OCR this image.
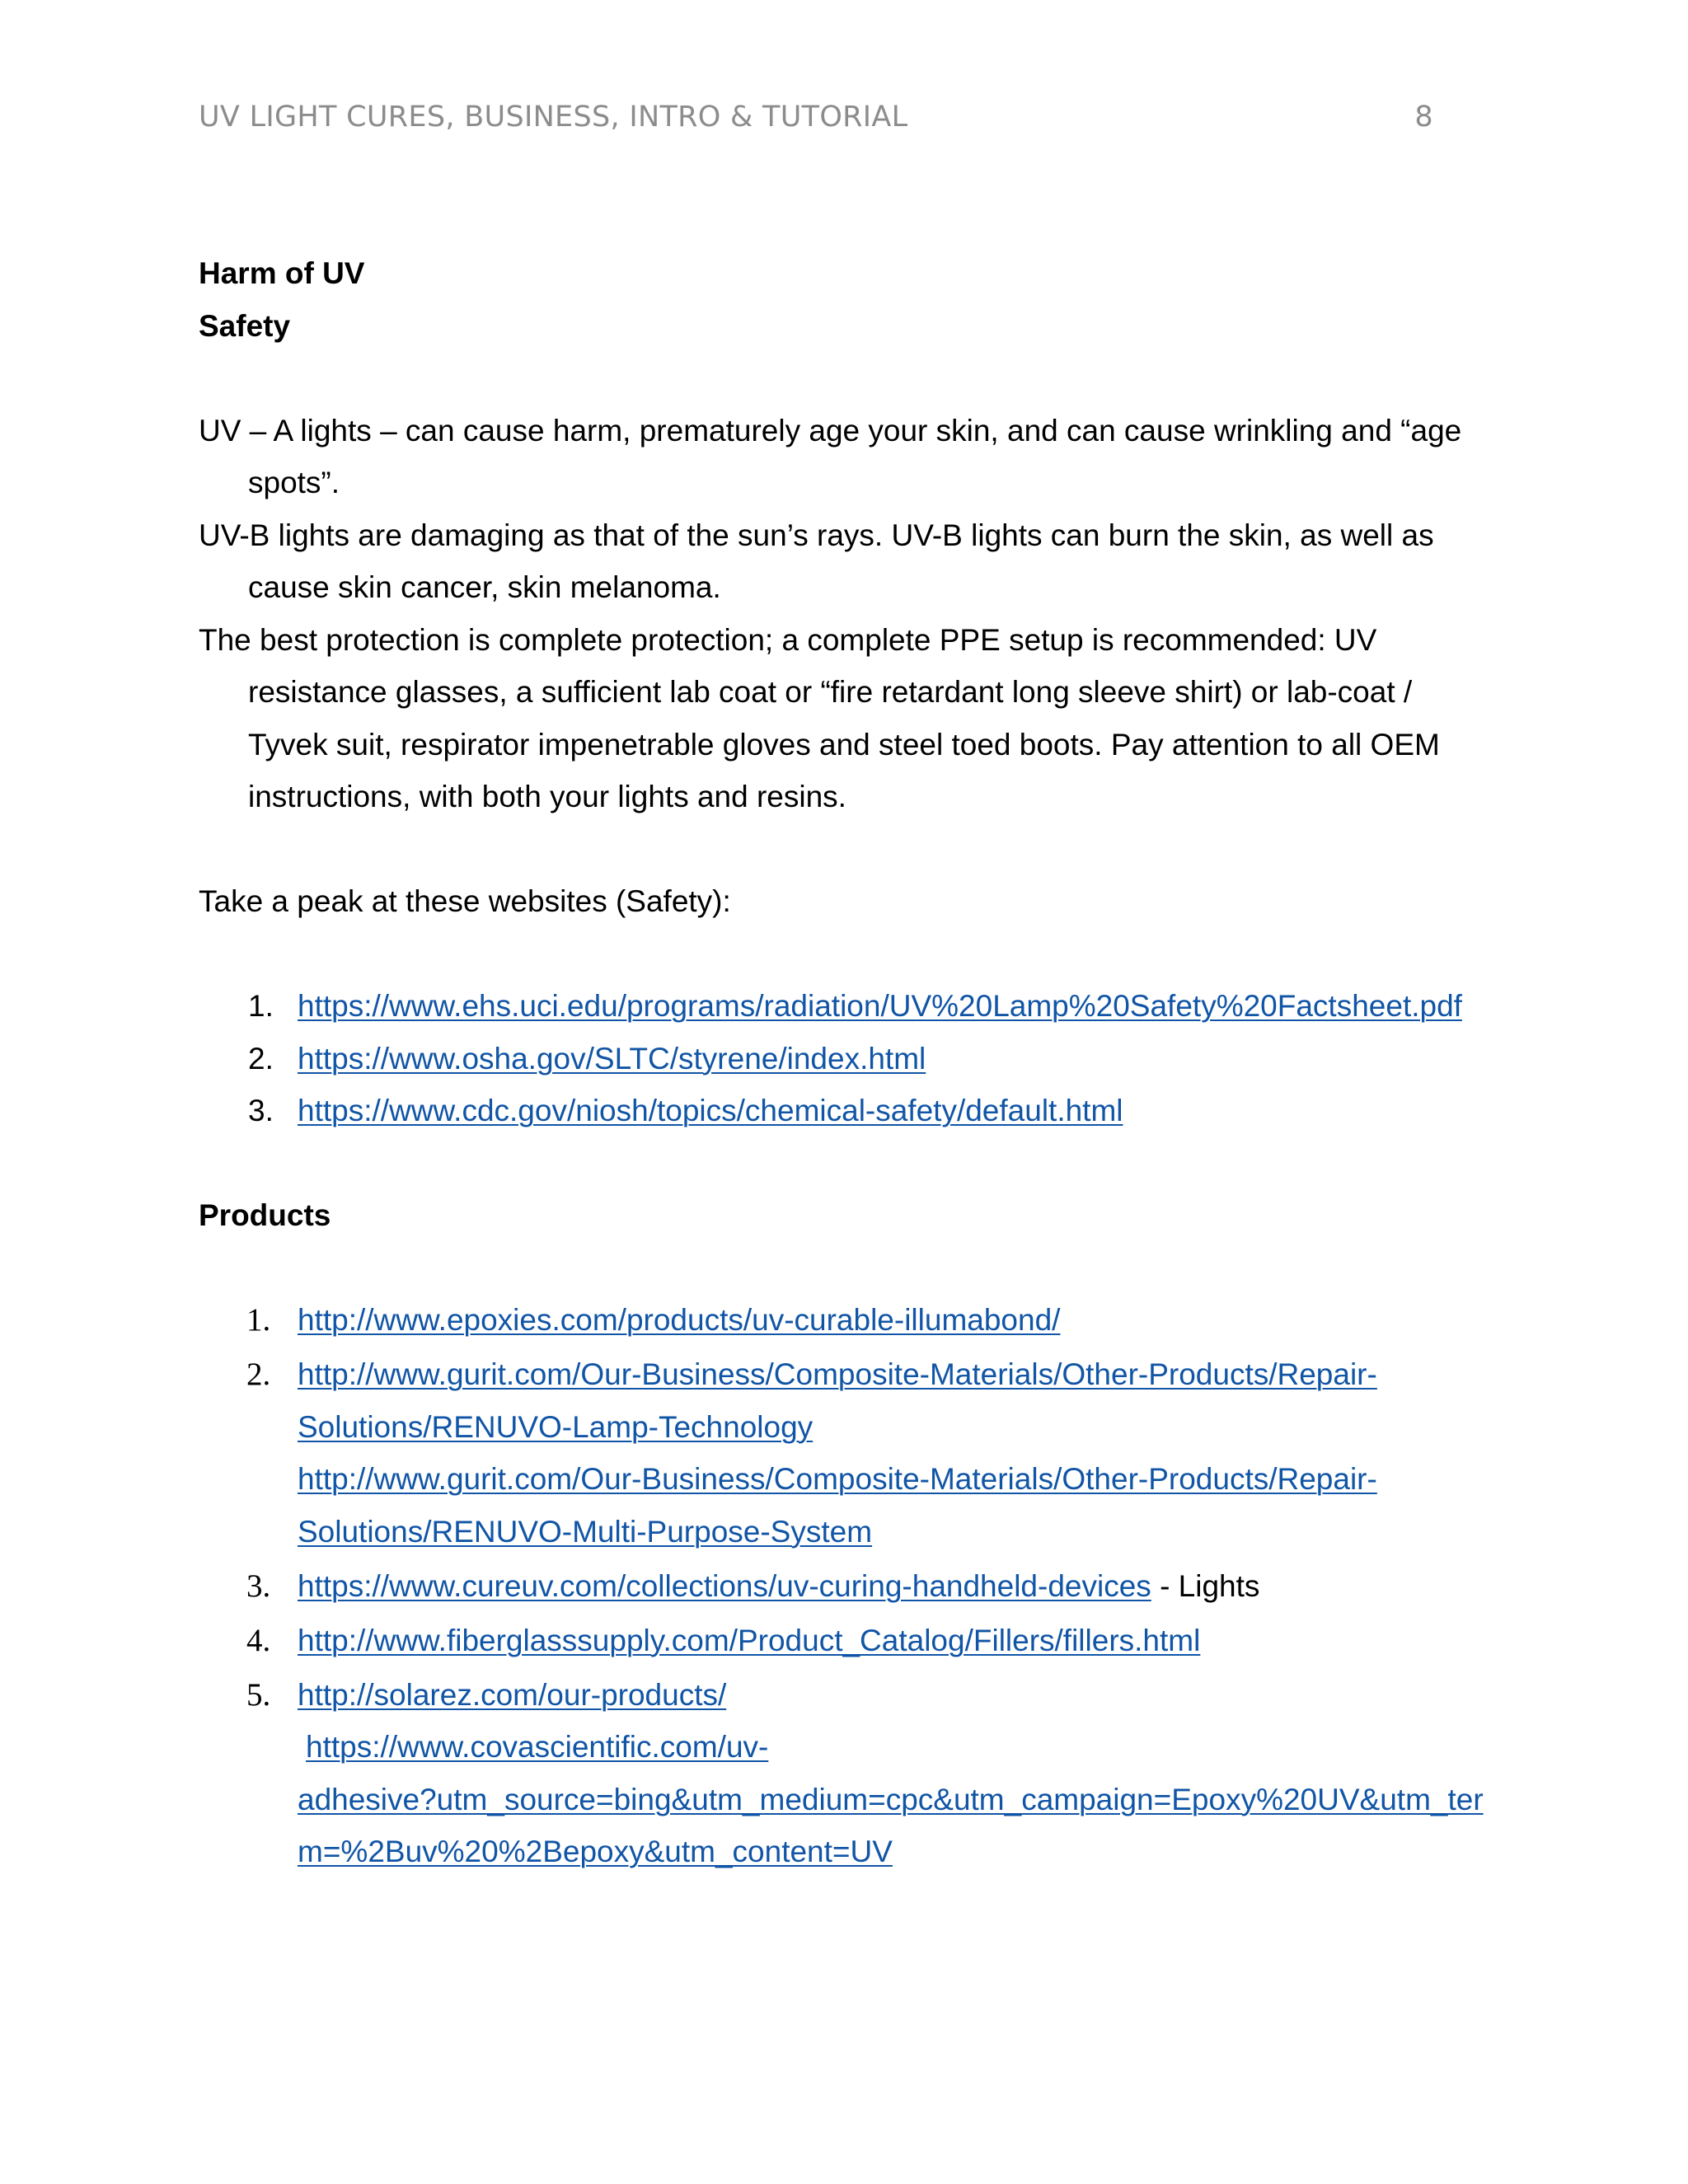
UV LIGHT CURES, BUSINESS, INTRO & TUTORIAL	8

Harm of UV

Safety

UV – A lights – can cause harm, prematurely age your skin, and can cause wrinkling and “age spots”.

UV-B lights are damaging as that of the sun’s rays. UV-B lights can burn the skin, as well as cause skin cancer, skin melanoma.

The best protection is complete protection; a complete PPE setup is recommended: UV resistance glasses, a sufficient lab coat or “fire retardant long sleeve shirt) or lab-coat / Tyvek suit, respirator impenetrable gloves and steel toed boots. Pay attention to all OEM instructions, with both your lights and resins.

Take a peak at these websites (Safety):

1. https://www.ehs.uci.edu/programs/radiation/UV%20Lamp%20Safety%20Factsheet.pdf
2. https://www.osha.gov/SLTC/styrene/index.html
3. https://www.cdc.gov/niosh/topics/chemical-safety/default.html

Products

1. http://www.epoxies.com/products/uv-curable-illumabond/
2. http://www.gurit.com/Our-Business/Composite-Materials/Other-Products/Repair-
Solutions/RENUVO-Lamp-Technology
http://www.gurit.com/Our-Business/Composite-Materials/Other-Products/Repair-
Solutions/RENUVO-Multi-Purpose-System
3. https://www.cureuv.com/collections/uv-curing-handheld-devices - Lights
4. http://www.fiberglasssupply.com/Product_Catalog/Fillers/fillers.html
5. http://solarez.com/our-products/
https://www.covascientific.com/uv-
adhesive?utm_source=bing&utm_medium=cpc&utm_campaign=Epoxy%20UV&utm_ter
m=%2Buv%20%2Bepoxy&utm_content=UV
